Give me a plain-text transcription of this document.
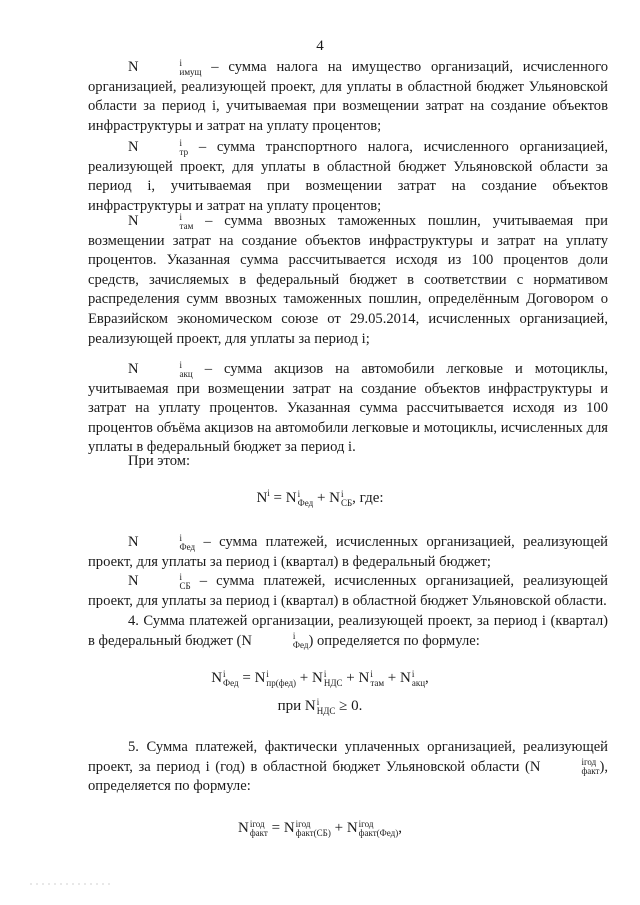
4
N	i
имущ – сумма налога на имущество организаций, исчисленного организацией, реализующей проект, для уплаты в областной бюджет Ульяновской области за период i, учитываемая при возмещении затрат на создание объектов инфраструктуры и затрат на уплату процентов;
N	i
тр – сумма транспортного налога, исчисленного организацией, реализующей проект, для уплаты в областной бюджет Ульяновской области за период i, учитываемая при возмещении затрат на создание объектов инфраструктуры и затрат на уплату процентов;
N	i
там – сумма ввозных таможенных пошлин, учитываемая при возмещении затрат на создание объектов инфраструктуры и затрат на уплату процентов. Указанная сумма рассчитывается исходя из 100 процентов доли средств, зачисляемых в федеральный бюджет в соответствии с нормативом распределения сумм ввозных таможенных пошлин, определённым Договором о Евразийском экономическом союзе от 29.05.2014, исчисленных организацией, реализующей проект, для уплаты за период i;
N	i
акц – сумма акцизов на автомобили легковые и мотоциклы, учитываемая при возмещении затрат на создание объектов инфраструктуры и затрат на уплату процентов. Указанная сумма рассчитывается исходя из 100 процентов объёма акцизов на автомобили легковые и мотоциклы, исчисленных для уплаты в федеральный бюджет за период i.
При этом:
$N^i = N$ i
Фед + N i
СБ , где:
N	i
Фед – сумма платежей, исчисленных организацией, реализующей проект, для уплаты за период i (квартал) в федеральный бюджет;
N	i
СБ – сумма платежей, исчисленных организацией, реализующей проект, для уплаты за период i (квартал) в областной бюджет Ульяновской области.
4. Сумма платежей организации, реализующей проект, за период i (квартал) в федеральный бюджет (N	i
Фед ) определяется по формуле:
N i
Фед = N i
пр(фед) + N i
НДС + N i
там + N i
акц ,
при N i
НДС ≥ 0.
5. Сумма платежей, фактически уплаченных организацией, реализующей проект, за период i (год) в областной бюджет Ульяновской области (N	iгод
факт ), определяется по формуле:
N iгод
факт = N iгод
факт(СБ) + N iгод
факт(Фед) ,
